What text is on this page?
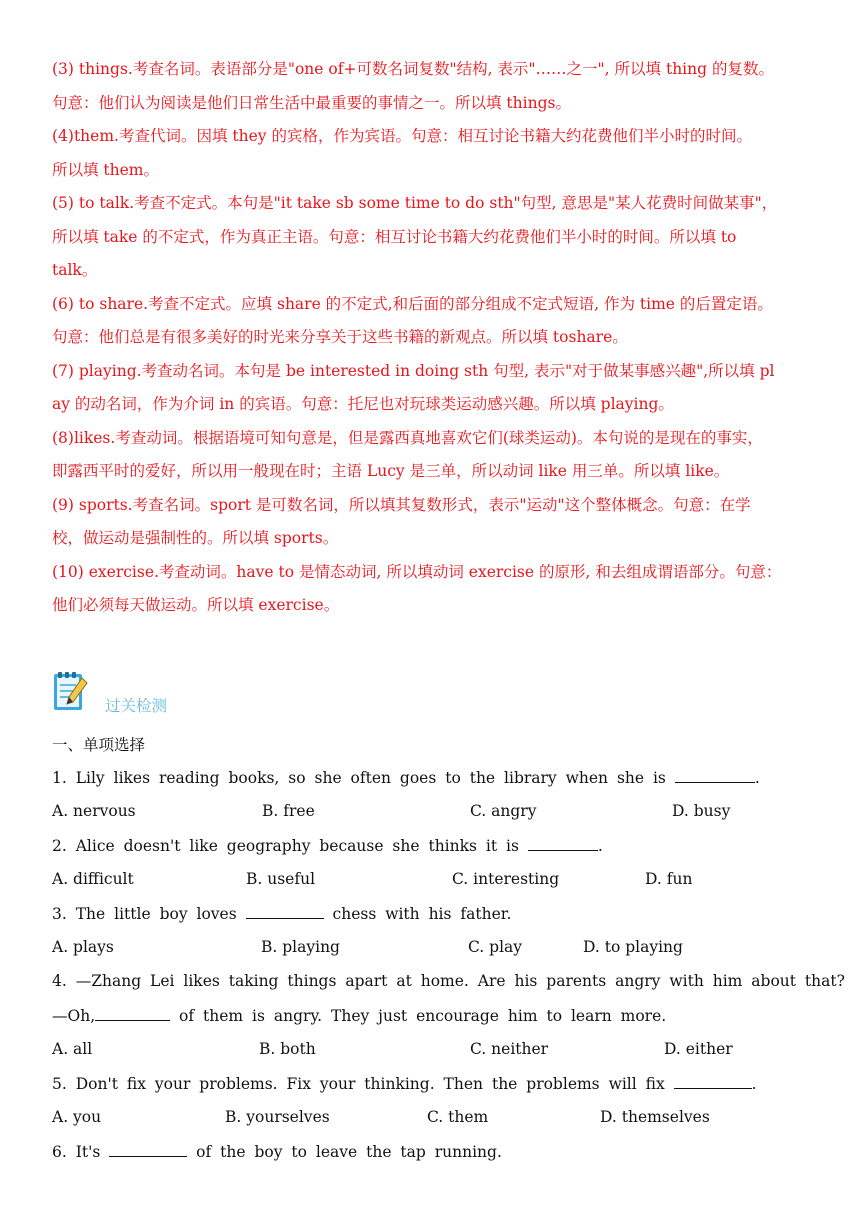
(3) things.考查名词。表语部分是"one of+可数名词复数"结构, 表示"……之一", 所以填 thing 的复数。

句意：他们认为阅读是他们日常生活中最重要的事情之一。所以填 things。

(4)them.考查代词。因填 they 的宾格，作为宾语。句意：相互讨论书籍大约花费他们半小时的时间。

所以填 them。

(5) to talk.考查不定式。本句是"it take sb some time to do sth"句型, 意思是"某人花费时间做某事"，

所以填 take 的不定式，作为真正主语。句意：相互讨论书籍大约花费他们半小时的时间。所以填 to

talk。

(6) to share.考查不定式。应填 share 的不定式,和后面的部分组成不定式短语, 作为 time 的后置定语。

句意：他们总是有很多美好的时光来分享关于这些书籍的新观点。所以填 toshare。

(7) playing.考查动名词。本句是 be interested in doing sth 句型, 表示"对于做某事感兴趣",所以填 pl

ay 的动名词，作为介词 in 的宾语。句意：托尼也对玩球类运动感兴趣。所以填 playing。

(8)likes.考查动词。根据语境可知句意是，但是露西真地喜欢它们(球类运动)。本句说的是现在的事实，

即露西平时的爱好，所以用一般现在时；主语 Lucy 是三单，所以动词 like 用三单。所以填 like。

(9) sports.考查名词。sport 是可数名词，所以填其复数形式，表示"运动"这个整体概念。句意：在学

校，做运动是强制性的。所以填 sports。

(10) exercise.考查动词。have to 是情态动词, 所以填动词 exercise 的原形, 和去组成谓语部分。句意：

他们必须每天做运动。所以填 exercise。

过关检测
一、单项选择
1. Lily likes reading books, so she often goes to the library when she is	.
A. nervous	B. free	C. angry	D. busy
2. Alice doesn't like geography because she thinks it is	.
A. difficult	B. useful	C. interesting	D. fun
3. The little boy loves	chess with his father.
A. plays	B. playing	C. play	D. to playing
4. —Zhang Lei likes taking things apart at home. Are his parents angry with him about that?
—Oh,	of them is angry. They just encourage him to learn more.
A. all	B. both	C. neither	D. either
5. Don't fix your problems. Fix your thinking. Then the problems will fix	.
A. you	B. yourselves	C. them	D. themselves
6. It's	of the boy to leave the tap running.
